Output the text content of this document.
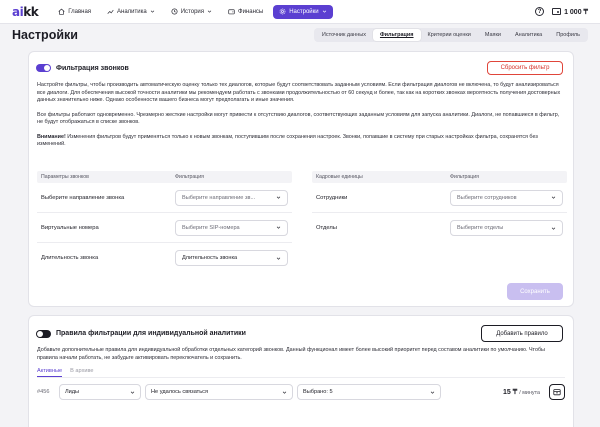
ai kk	Главная	Аналитика	История	Финансы	Настройки	?	1 000 ₸
Настройки	Источник данных	Фильтрация	Критерии оценки	Маяки	Аналитика	Профиль
Фильтрация звонков	Сбросить фильтр

Настройте фильтры, чтобы производить автоматическую оценку только тех диалогов, которые будут соответствовать заданным условиям. Если фильтрация диалогов не включена, то будут анализироваться все диалоги. Для обеспечения высокой точности аналитики мы рекомендуем работать с звонками продолжительностью от 60 секунд и более, так как на коротких звонках вероятность получения достоверных данных значительно ниже. Однако особенности вашего бизнеса могут предполагать и иные значения.

Все фильтры работают одновременно. Чрезмерно жесткие настройки могут привести к отсутствию диалогов, соответствующих заданным условиям для запуска аналитики. Диалоги, не попавшиеся в фильтр, не будут отображаться в списке звонков.

Внимание! Изменения фильтров будут применяться только к новым звонкам, поступившим после сохранения настроек. Звонки, попавшие в систему при старых настройках фильтра, сохранятся без изменений.

Параметры звонков	Фильтрация
Выберите направление звонка	Выберите направление зв...
Виртуальные номера	Выберите SIP-номера
Длительность звонка	Длительность звонка
Кадровые единицы	Фильтрация
Сотрудники	Выберите сотрудников
Отделы	Выберите отделы
Сохранить
Правила фильтрации для индивидуальной аналитики	Добавить правило

Добавьте дополнительные правила для индивидуальной обработки отдельных категорий звонков. Данный функционал имеет более высокий приоритет перед составом аналитики по умолчанию. Чтобы правила начали работать, не забудьте активировать переключатель и сохранить.

Активные В архиве
#456	Лиды	Не удалось связаться	Выбрано: 5	15 ₸ / минута
